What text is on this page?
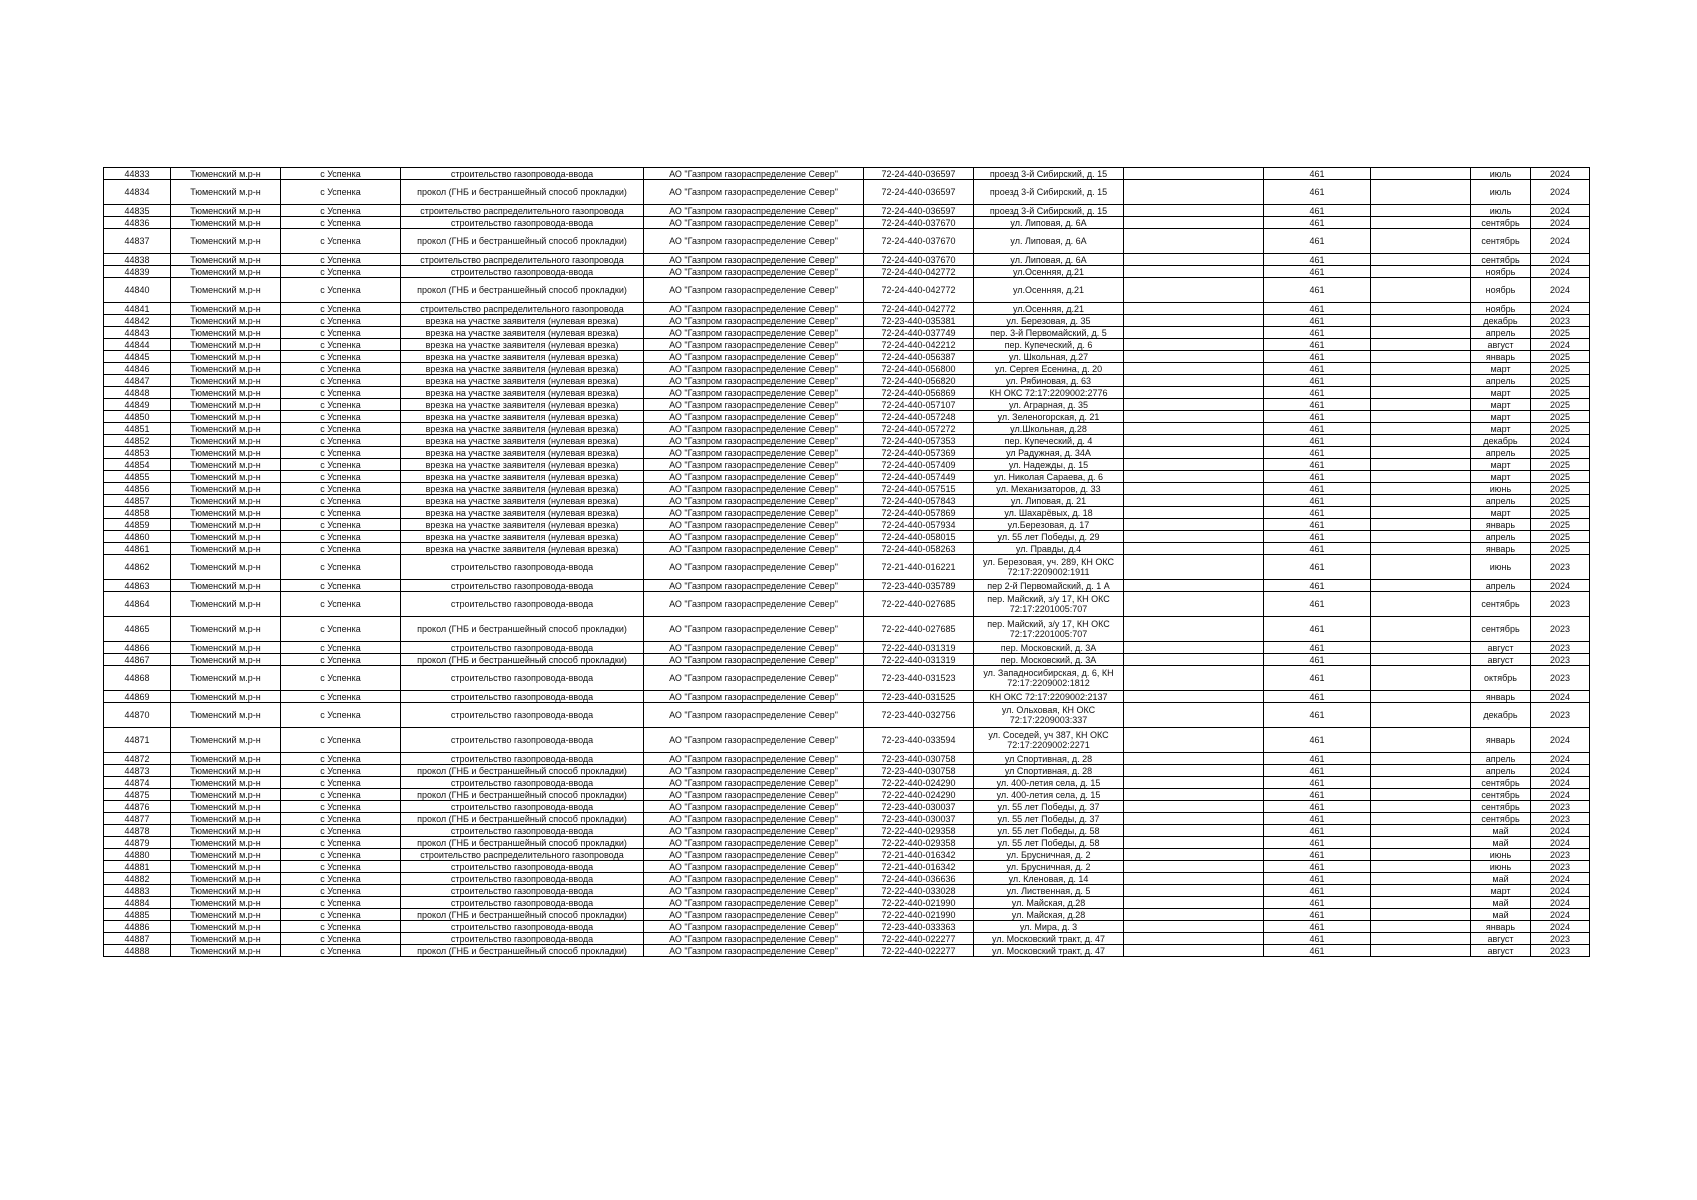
44833	Тюменский м.р-н	с Успенка	строительство газопровода-ввода	АО "Газпром газораспределение Север"	72-24-440-036597	проезд 3-й Сибирский, д. 15		461		июль	2024
44834	Тюменский м.р-н	с Успенка	прокол (ГНБ и бестраншейный способ прокладки)	АО "Газпром газораспределение Север"	72-24-440-036597	проезд 3-й Сибирский, д. 15		461		июль	2024
44835	Тюменский м.р-н	с Успенка	строительство распределительного газопровода	АО "Газпром газораспределение Север"	72-24-440-036597	проезд 3-й Сибирский, д. 15		461		июль	2024
44836	Тюменский м.р-н	с Успенка	строительство газопровода-ввода	АО "Газпром газораспределение Север"	72-24-440-037670	ул. Липовая, д. 6А		461		сентябрь	2024
44837	Тюменский м.р-н	с Успенка	прокол (ГНБ и бестраншейный способ прокладки)	АО "Газпром газораспределение Север"	72-24-440-037670	ул. Липовая, д. 6А		461		сентябрь	2024
44838	Тюменский м.р-н	с Успенка	строительство распределительного газопровода	АО "Газпром газораспределение Север"	72-24-440-037670	ул. Липовая, д. 6А		461		сентябрь	2024
44839	Тюменский м.р-н	с Успенка	строительство газопровода-ввода	АО "Газпром газораспределение Север"	72-24-440-042772	ул.Осенняя, д.21		461		ноябрь	2024
44840	Тюменский м.р-н	с Успенка	прокол (ГНБ и бестраншейный способ прокладки)	АО "Газпром газораспределение Север"	72-24-440-042772	ул.Осенняя, д.21		461		ноябрь	2024
44841	Тюменский м.р-н	с Успенка	строительство распределительного газопровода	АО "Газпром газораспределение Север"	72-24-440-042772	ул.Осенняя, д.21		461		ноябрь	2024
44842	Тюменский м.р-н	с Успенка	врезка на участке заявителя (нулевая врезка)	АО "Газпром газораспределение Север"	72-23-440-035381	ул. Березовая, д. 35		461		декабрь	2023
44843	Тюменский м.р-н	с Успенка	врезка на участке заявителя (нулевая врезка)	АО "Газпром газораспределение Север"	72-24-440-037749	пер. 3-й Первомайский, д. 5		461		апрель	2025
44844	Тюменский м.р-н	с Успенка	врезка на участке заявителя (нулевая врезка)	АО "Газпром газораспределение Север"	72-24-440-042212	пер. Купеческий, д. 6		461		август	2024
44845	Тюменский м.р-н	с Успенка	врезка на участке заявителя (нулевая врезка)	АО "Газпром газораспределение Север"	72-24-440-056387	ул. Школьная, д.27		461		январь	2025
44846	Тюменский м.р-н	с Успенка	врезка на участке заявителя (нулевая врезка)	АО "Газпром газораспределение Север"	72-24-440-056800	ул. Сергея Есенина, д. 20		461		март	2025
44847	Тюменский м.р-н	с Успенка	врезка на участке заявителя (нулевая врезка)	АО "Газпром газораспределение Север"	72-24-440-056820	ул. Рябиновая, д. 63		461		апрель	2025
44848	Тюменский м.р-н	с Успенка	врезка на участке заявителя (нулевая врезка)	АО "Газпром газораспределение Север"	72-24-440-056869	КН ОКС 72:17:2209002:2776		461		март	2025
44849	Тюменский м.р-н	с Успенка	врезка на участке заявителя (нулевая врезка)	АО "Газпром газораспределение Север"	72-24-440-057107	ул. Аграрная, д. 35		461		март	2025
44850	Тюменский м.р-н	с Успенка	врезка на участке заявителя (нулевая врезка)	АО "Газпром газораспределение Север"	72-24-440-057248	ул. Зеленогорская, д. 21		461		март	2025
44851	Тюменский м.р-н	с Успенка	врезка на участке заявителя (нулевая врезка)	АО "Газпром газораспределение Север"	72-24-440-057272	ул.Школьная, д.28		461		март	2025
44852	Тюменский м.р-н	с Успенка	врезка на участке заявителя (нулевая врезка)	АО "Газпром газораспределение Север"	72-24-440-057353	пер. Купеческий, д. 4		461		декабрь	2024
44853	Тюменский м.р-н	с Успенка	врезка на участке заявителя (нулевая врезка)	АО "Газпром газораспределение Север"	72-24-440-057369	ул Радужная, д. 34А		461		апрель	2025
44854	Тюменский м.р-н	с Успенка	врезка на участке заявителя (нулевая врезка)	АО "Газпром газораспределение Север"	72-24-440-057409	ул. Надежды, д. 15		461		март	2025
44855	Тюменский м.р-н	с Успенка	врезка на участке заявителя (нулевая врезка)	АО "Газпром газораспределение Север"	72-24-440-057449	ул. Николая Сараева, д. 6		461		март	2025
44856	Тюменский м.р-н	с Успенка	врезка на участке заявителя (нулевая врезка)	АО "Газпром газораспределение Север"	72-24-440-057515	ул. Механизаторов, д. 33		461		июнь	2025
44857	Тюменский м.р-н	с Успенка	врезка на участке заявителя (нулевая врезка)	АО "Газпром газораспределение Север"	72-24-440-057843	ул. Липовая, д. 21		461		апрель	2025
44858	Тюменский м.р-н	с Успенка	врезка на участке заявителя (нулевая врезка)	АО "Газпром газораспределение Север"	72-24-440-057869	ул. Шахарёвых, д. 18		461		март	2025
44859	Тюменский м.р-н	с Успенка	врезка на участке заявителя (нулевая врезка)	АО "Газпром газораспределение Север"	72-24-440-057934	ул.Березовая, д. 17		461		январь	2025
44860	Тюменский м.р-н	с Успенка	врезка на участке заявителя (нулевая врезка)	АО "Газпром газораспределение Север"	72-24-440-058015	ул. 55 лет Победы, д. 29		461		апрель	2025
44861	Тюменский м.р-н	с Успенка	врезка на участке заявителя (нулевая врезка)	АО "Газпром газораспределение Север"	72-24-440-058263	ул. Правды, д.4		461		январь	2025
44862	Тюменский м.р-н	с Успенка	строительство газопровода-ввода	АО "Газпром газораспределение Север"	72-21-440-016221	ул. Березовая, уч. 289, КН ОКС 72:17:2209002:1911		461		июнь	2023
44863	Тюменский м.р-н	с Успенка	строительство газопровода-ввода	АО "Газпром газораспределение Север"	72-23-440-035789	пер 2-й Первомайский, д. 1 А		461		апрель	2024
44864	Тюменский м.р-н	с Успенка	строительство газопровода-ввода	АО "Газпром газораспределение Север"	72-22-440-027685	пер. Майский, з/у 17, КН ОКС 72:17:2201005:707		461		сентябрь	2023
44865	Тюменский м.р-н	с Успенка	прокол (ГНБ и бестраншейный способ прокладки)	АО "Газпром газораспределение Север"	72-22-440-027685	пер. Майский, з/у 17, КН ОКС 72:17:2201005:707		461		сентябрь	2023
44866	Тюменский м.р-н	с Успенка	строительство газопровода-ввода	АО "Газпром газораспределение Север"	72-22-440-031319	пер. Московский, д. 3А		461		август	2023
44867	Тюменский м.р-н	с Успенка	прокол (ГНБ и бестраншейный способ прокладки)	АО "Газпром газораспределение Север"	72-22-440-031319	пер. Московский, д. 3А		461		август	2023
44868	Тюменский м.р-н	с Успенка	строительство газопровода-ввода	АО "Газпром газораспределение Север"	72-23-440-031523	ул. Западносибирская, д. 6, КН 72:17:2209002:1812		461		октябрь	2023
44869	Тюменский м.р-н	с Успенка	строительство газопровода-ввода	АО "Газпром газораспределение Север"	72-23-440-031525	КН ОКС 72:17:2209002:2137		461		январь	2024
44870	Тюменский м.р-н	с Успенка	строительство газопровода-ввода	АО "Газпром газораспределение Север"	72-23-440-032756	ул. Ольховая, КН ОКС 72:17:2209003:337		461		декабрь	2023
44871	Тюменский м.р-н	с Успенка	строительство газопровода-ввода	АО "Газпром газораспределение Север"	72-23-440-033594	ул. Соседей, уч 387, КН ОКС 72:17:2209002:2271		461		январь	2024
44872	Тюменский м.р-н	с Успенка	строительство газопровода-ввода	АО "Газпром газораспределение Север"	72-23-440-030758	ул Спортивная, д. 28		461		апрель	2024
44873	Тюменский м.р-н	с Успенка	прокол (ГНБ и бестраншейный способ прокладки)	АО "Газпром газораспределение Север"	72-23-440-030758	ул Спортивная, д. 28		461		апрель	2024
44874	Тюменский м.р-н	с Успенка	строительство газопровода-ввода	АО "Газпром газораспределение Север"	72-22-440-024290	ул. 400-летия села, д. 15		461		сентябрь	2024
44875	Тюменский м.р-н	с Успенка	прокол (ГНБ и бестраншейный способ прокладки)	АО "Газпром газораспределение Север"	72-22-440-024290	ул. 400-летия села, д. 15		461		сентябрь	2024
44876	Тюменский м.р-н	с Успенка	строительство газопровода-ввода	АО "Газпром газораспределение Север"	72-23-440-030037	ул. 55 лет Победы, д. 37		461		сентябрь	2023
44877	Тюменский м.р-н	с Успенка	прокол (ГНБ и бестраншейный способ прокладки)	АО "Газпром газораспределение Север"	72-23-440-030037	ул. 55 лет Победы, д. 37		461		сентябрь	2023
44878	Тюменский м.р-н	с Успенка	строительство газопровода-ввода	АО "Газпром газораспределение Север"	72-22-440-029358	ул. 55 лет Победы, д. 58		461		май	2024
44879	Тюменский м.р-н	с Успенка	прокол (ГНБ и бестраншейный способ прокладки)	АО "Газпром газораспределение Север"	72-22-440-029358	ул. 55 лет Победы, д. 58		461		май	2024
44880	Тюменский м.р-н	с Успенка	строительство распределительного газопровода	АО "Газпром газораспределение Север"	72-21-440-016342	ул. Брусничная, д. 2		461		июнь	2023
44881	Тюменский м.р-н	с Успенка	строительство газопровода-ввода	АО "Газпром газораспределение Север"	72-21-440-016342	ул. Брусничная, д. 2		461		июнь	2023
44882	Тюменский м.р-н	с Успенка	строительство газопровода-ввода	АО "Газпром газораспределение Север"	72-24-440-036636	ул. Кленовая, д. 14		461		май	2024
44883	Тюменский м.р-н	с Успенка	строительство газопровода-ввода	АО "Газпром газораспределение Север"	72-22-440-033028	ул. Лиственная, д. 5		461		март	2024
44884	Тюменский м.р-н	с Успенка	строительство газопровода-ввода	АО "Газпром газораспределение Север"	72-22-440-021990	ул. Майская, д.28		461		май	2024
44885	Тюменский м.р-н	с Успенка	прокол (ГНБ и бестраншейный способ прокладки)	АО "Газпром газораспределение Север"	72-22-440-021990	ул. Майская, д.28		461		май	2024
44886	Тюменский м.р-н	с Успенка	строительство газопровода-ввода	АО "Газпром газораспределение Север"	72-23-440-033363	ул. Мира, д. 3		461		январь	2024
44887	Тюменский м.р-н	с Успенка	строительство газопровода-ввода	АО "Газпром газораспределение Север"	72-22-440-022277	ул. Московский тракт, д. 47		461		август	2023
44888	Тюменский м.р-н	с Успенка	прокол (ГНБ и бестраншейный способ прокладки)	АО "Газпром газораспределение Север"	72-22-440-022277	ул. Московский тракт, д. 47		461		август	2023
